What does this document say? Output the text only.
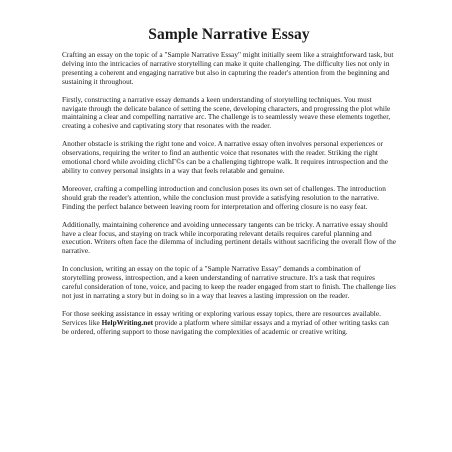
Sample Narrative Essay

Crafting an essay on the topic of a "Sample Narrative Essay" might initially seem like a straightforward task, but delving into the intricacies of narrative storytelling can make it quite challenging. The difficulty lies not only in presenting a coherent and engaging narrative but also in capturing the reader's attention from the beginning and sustaining it throughout.

Firstly, constructing a narrative essay demands a keen understanding of storytelling techniques. You must navigate through the delicate balance of setting the scene, developing characters, and progressing the plot while maintaining a clear and compelling narrative arc. The challenge is to seamlessly weave these elements together, creating a cohesive and captivating story that resonates with the reader.

Another obstacle is striking the right tone and voice. A narrative essay often involves personal experiences or observations, requiring the writer to find an authentic voice that resonates with the reader. Striking the right emotional chord while avoiding clichГ©s can be a challenging tightrope walk. It requires introspection and the ability to convey personal insights in a way that feels relatable and genuine.

Moreover, crafting a compelling introduction and conclusion poses its own set of challenges. The introduction should grab the reader's attention, while the conclusion must provide a satisfying resolution to the narrative. Finding the perfect balance between leaving room for interpretation and offering closure is no easy feat.

Additionally, maintaining coherence and avoiding unnecessary tangents can be tricky. A narrative essay should have a clear focus, and staying on track while incorporating relevant details requires careful planning and execution. Writers often face the dilemma of including pertinent details without sacrificing the overall flow of the narrative.

In conclusion, writing an essay on the topic of a "Sample Narrative Essay" demands a combination of storytelling prowess, introspection, and a keen understanding of narrative structure. It's a task that requires careful consideration of tone, voice, and pacing to keep the reader engaged from start to finish. The challenge lies not just in narrating a story but in doing so in a way that leaves a lasting impression on the reader.

For those seeking assistance in essay writing or exploring various essay topics, there are resources available. Services like HelpWriting.net provide a platform where similar essays and a myriad of other writing tasks can be ordered, offering support to those navigating the complexities of academic or creative writing.
